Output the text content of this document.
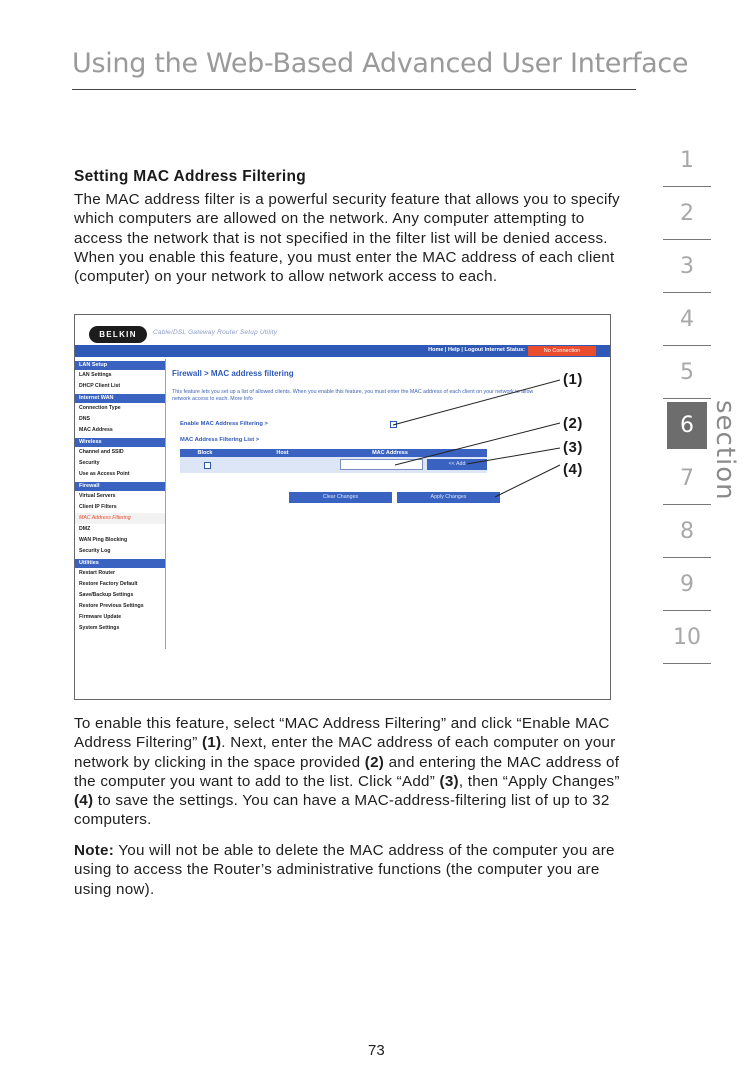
Using the Web-Based Advanced User Interface
Setting MAC Address Filtering
The MAC address filter is a powerful security feature that allows you to specify which computers are allowed on the network. Any computer attempting to access the network that is not specified in the filter list will be denied access. When you enable this feature, you must enter the MAC address of each client (computer) on your network to allow network access to each.
1
2
3
4
5
6
7
8
9
10
section
BELKIN	Cable/DSL Gateway Router Setup Utility
Home | Help | Logout Internet Status:	No Connection
LAN Setup
LAN Settings
DHCP Client List
Internet WAN
Connection Type
DNS
MAC Address
Wireless
Channel and SSID
Security
Use as Access Point
Firewall
Virtual Servers
Client IP Filters
MAC Address Filtering
DMZ
WAN Ping Blocking
Security Log
Utilities
Restart Router
Restore Factory Default
Save/Backup Settings
Restore Previous Settings
Firmware Update
System Settings
Firewall > MAC address filtering
This feature lets you set up a list of allowed clients. When you enable this feature, you must enter the MAC address of each client on your network to allow network access to each. More Info
Enable MAC Address Filtering >
MAC Address Filtering List >
Block	Host	MAC Address
<< Add
Clear Changes	Apply Changes
(1)
(2)
(3)
(4)
To enable this feature, select “MAC Address Filtering” and click “Enable MAC Address Filtering” (1). Next, enter the MAC address of each computer on your network by clicking in the space provided (2) and entering the MAC address of the computer you want to add to the list. Click “Add” (3), then “Apply Changes” (4) to save the settings. You can have a MAC-address-filtering list of up to 32 computers.
Note: You will not be able to delete the MAC address of the computer you are using to access the Router’s administrative functions (the computer you are using now).
73
